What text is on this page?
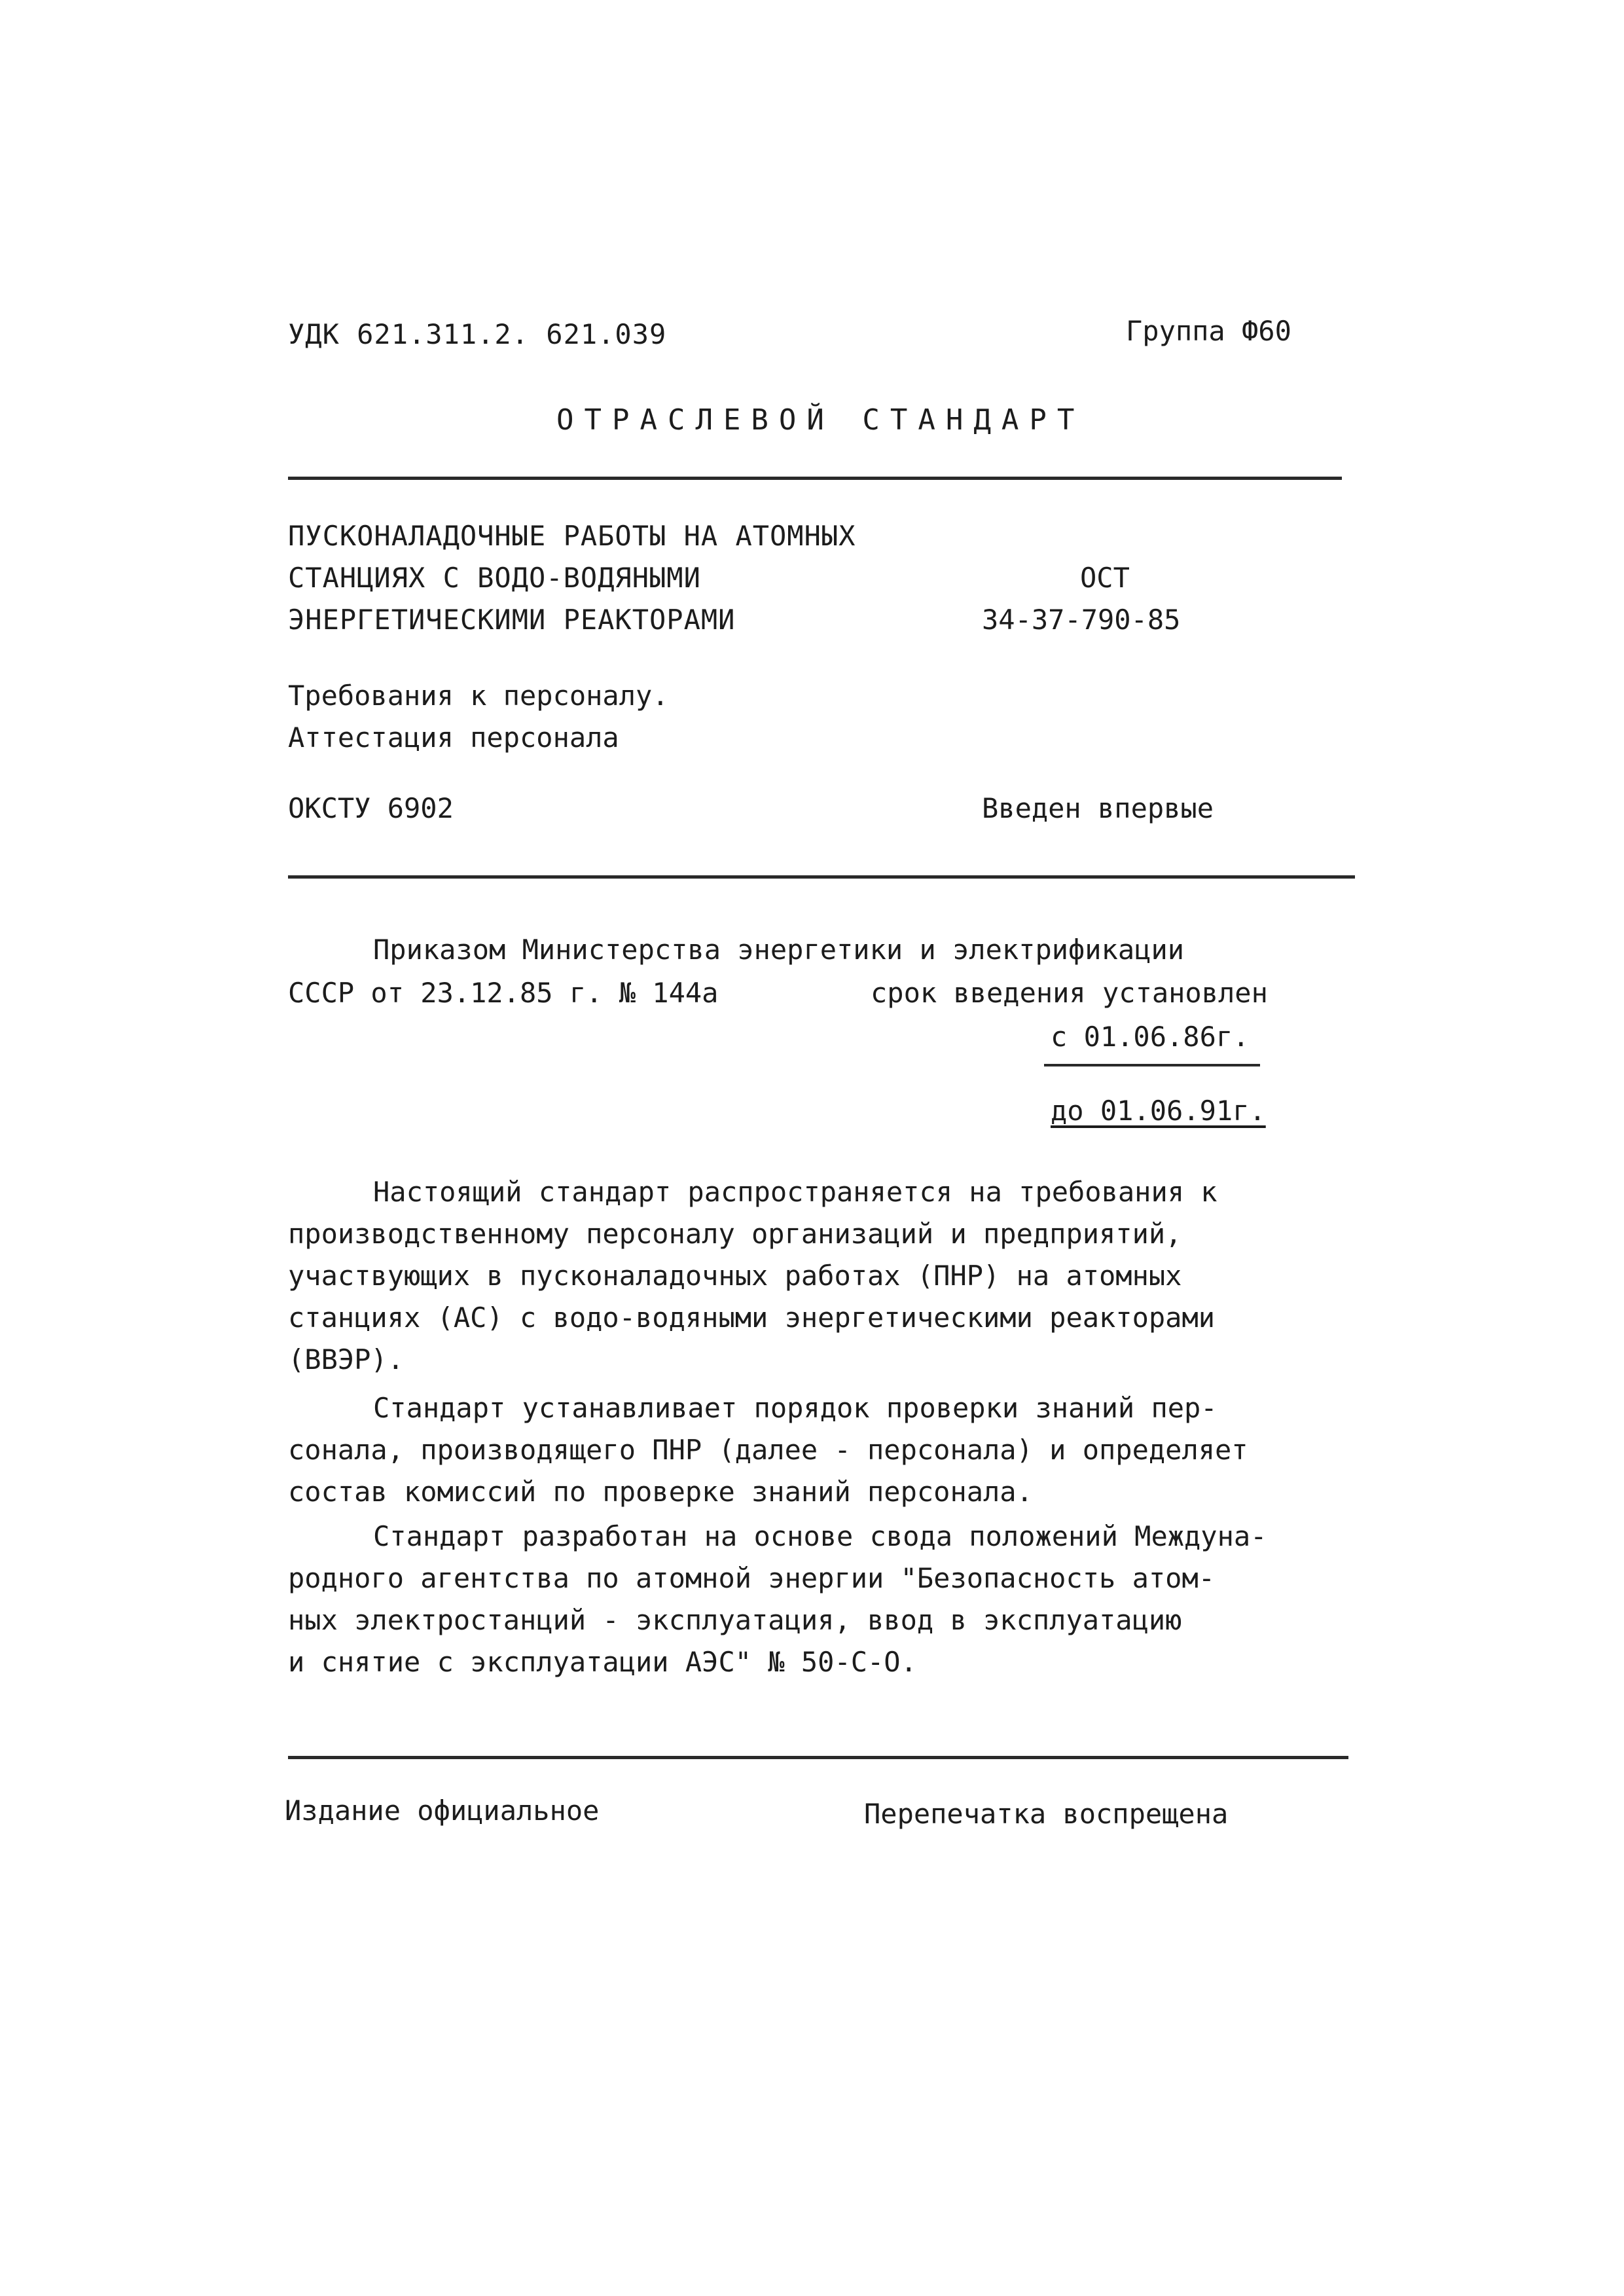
УДК 621.311.2. 621.039	Группа Ф60
ОТРАСЛЕВОЙ СТАНДАРТ
ПУСКОНАЛАДОЧНЫЕ РАБОТЫ НА АТОМНЫХ
СТАНЦИЯХ С ВОДО-ВОДЯНЫМИ
ЭНЕРГЕТИЧЕСКИМИ РЕАКТОРАМИ
ОСТ
34-37-790-85
Требования к персоналу.
Аттестация персонала
ОКСТУ 6902	Введен впервые
Приказом Министерства энергетики и электрификации
СССР от 23.12.85 г. № 144а	срок введения установлен
с 01.06.86г.
до 01.06.91г.
Настоящий стандарт распространяется на требования к
производственному персоналу организаций и предприятий,
участвующих в пусконаладочных работах (ПНР) на атомных
станциях (АС) с водо-водяными энергетическими реакторами
(ВВЭР).
Стандарт устанавливает порядок проверки знаний пер-
сонала, производящего ПНР (далее - персонала) и определяет
состав комиссий по проверке знаний персонала.
Стандарт разработан на основе свода положений Междуна-
родного агентства по атомной энергии "Безопасность атом-
ных электростанций - эксплуатация, ввод в эксплуатацию
и снятие с эксплуатации АЭС" № 50-С-О.
Издание официальное	Перепечатка воспрещена
